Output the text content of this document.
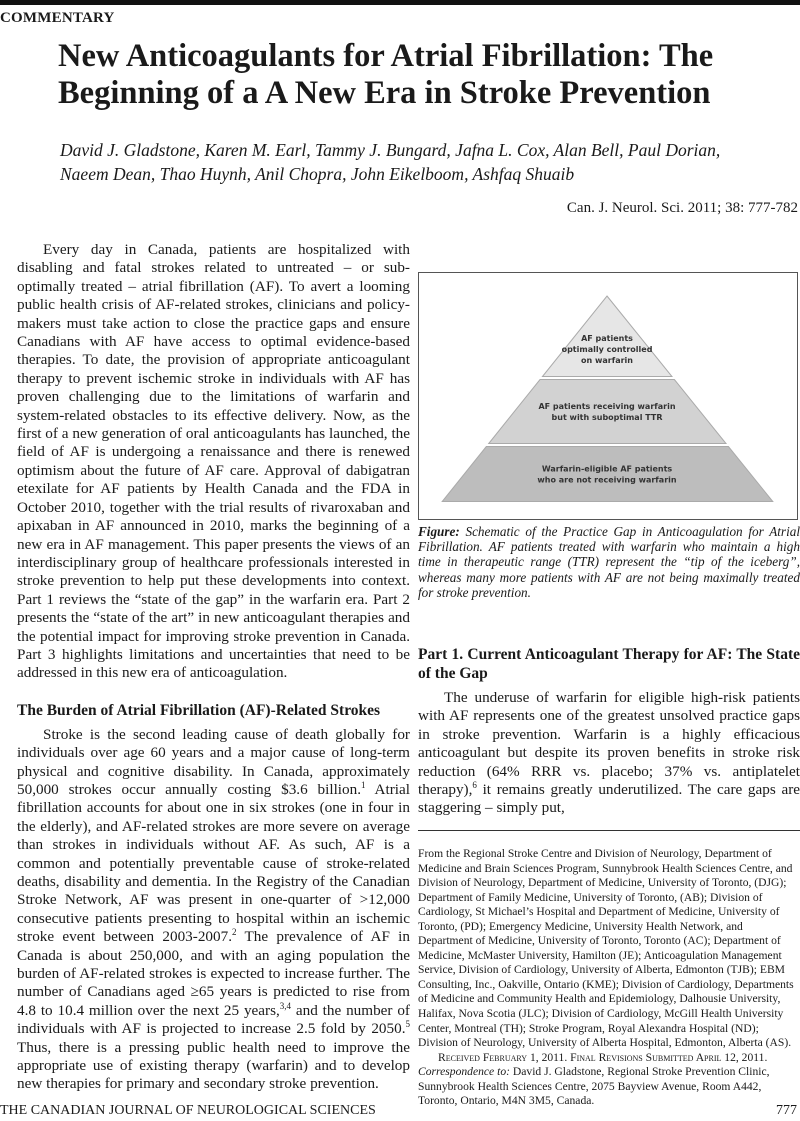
COMMENTARY
New Anticoagulants for Atrial Fibrillation: The
Beginning of a A New Era in Stroke Prevention
David J. Gladstone, Karen M. Earl, Tammy J. Bungard, Jafna L. Cox, Alan Bell, Paul Dorian,
Naeem Dean, Thao Huynh, Anil Chopra, John Eikelboom, Ashfaq Shuaib
Can. J. Neurol. Sci. 2011; 38: 777-782

Every day in Canada, patients are hospitalized with disabling and fatal strokes related to untreated – or sub-optimally treated – atrial fibrillation (AF). To avert a looming public health crisis of AF-related strokes, clinicians and policy-makers must take action to close the practice gaps and ensure Canadians with AF have access to optimal evidence-based therapies. To date, the provision of appropriate anticoagulant therapy to prevent ischemic stroke in individuals with AF has proven challenging due to the limitations of warfarin and system-related obstacles to its effective delivery. Now, as the first of a new generation of oral anticoagulants has launched, the field of AF is undergoing a renaissance and there is renewed optimism about the future of AF care. Approval of dabigatran etexilate for AF patients by Health Canada and the FDA in October 2010, together with the trial results of rivaroxaban and apixaban in AF announced in 2010, marks the beginning of a new era in AF management. This paper presents the views of an interdisciplinary group of healthcare professionals interested in stroke prevention to help put these developments into context. Part 1 reviews the “state of the gap” in the warfarin era. Part 2 presents the “state of the art” in new anticoagulant therapies and the potential impact for improving stroke prevention in Canada. Part 3 highlights limitations and uncertainties that need to be addressed in this new era of anticoagulation.

The Burden of Atrial Fibrillation (AF)-Related Strokes

Stroke is the second leading cause of death globally for individuals over age 60 years and a major cause of long-term physical and cognitive disability. In Canada, approximately 50,000 strokes occur annually costing $3.6 billion.$^1$ Atrial fibrillation accounts for about one in six strokes (one in four in the elderly), and AF-related strokes are more severe on average than strokes in individuals without AF. As such, AF is a common and potentially preventable cause of stroke-related deaths, disability and dementia. In the Registry of the Canadian Stroke Network, AF was present in one-quarter of >12,000 consecutive patients presenting to hospital within an ischemic stroke event between 2003-2007.$^2$ The prevalence of AF in Canada is about 250,000, and with an aging population the burden of AF-related strokes is expected to increase further. The number of Canadians aged ≥65 years is predicted to rise from 4.8 to 10.4 million over the next 25 years,$^{3,4}$ and the number of individuals with AF is projected to increase 2.5 fold by 2050.$^5$ Thus, there is a pressing public health need to improve the appropriate use of existing therapy (warfarin) and to develop new therapies for primary and secondary stroke prevention.

AF patients optimally controlled on warfarin
AF patients receiving warfarin but with suboptimal TTR
Warfarin-eligible AF patients who are not receiving warfarin
Figure: Schematic of the Practice Gap in Anticoagulation for Atrial Fibrillation. AF patients treated with warfarin who maintain a high time in therapeutic range (TTR) represent the “tip of the iceberg”, whereas many more patients with AF are not being maximally treated for stroke prevention.

Part 1. Current Anticoagulant Therapy for AF: The State of the Gap

The underuse of warfarin for eligible high-risk patients with AF represents one of the greatest unsolved practice gaps in stroke prevention. Warfarin is a highly efficacious anticoagulant but despite its proven benefits in stroke risk reduction (64% RRR vs. placebo; 37% vs. antiplatelet therapy),$^6$ it remains greatly underutilized. The care gaps are staggering – simply put,

From the Regional Stroke Centre and Division of Neurology, Department of Medicine and Brain Sciences Program, Sunnybrook Health Sciences Centre, and Division of Neurology, Department of Medicine, University of Toronto, (DJG); Department of Family Medicine, University of Toronto, (AB); Division of Cardiology, St Michael’s Hospital and Department of Medicine, University of Toronto, (PD); Emergency Medicine, University Health Network, and Department of Medicine, University of Toronto, Toronto (AC); Department of Medicine, McMaster University, Hamilton (JE); Anticoagulation Management Service, Division of Cardiology, University of Alberta, Edmonton (TJB); EBM Consulting, Inc., Oakville, Ontario (KME); Division of Cardiology, Departments of Medicine and Community Health and Epidemiology, Dalhousie University, Halifax, Nova Scotia (JLC); Division of Cardiology, McGill Health University Center, Montreal (TH); Stroke Program, Royal Alexandra Hospital (ND); Division of Neurology, University of Alberta Hospital, Edmonton, Alberta (AS).

Received February 1, 2011. Final Revisions Submitted April 12, 2011.

Correspondence to: David J. Gladstone, Regional Stroke Prevention Clinic, Sunnybrook Health Sciences Centre, 2075 Bayview Avenue, Room A442, Toronto, Ontario, M4N 3M5, Canada.

THE CANADIAN JOURNAL OF NEUROLOGICAL SCIENCES	777
